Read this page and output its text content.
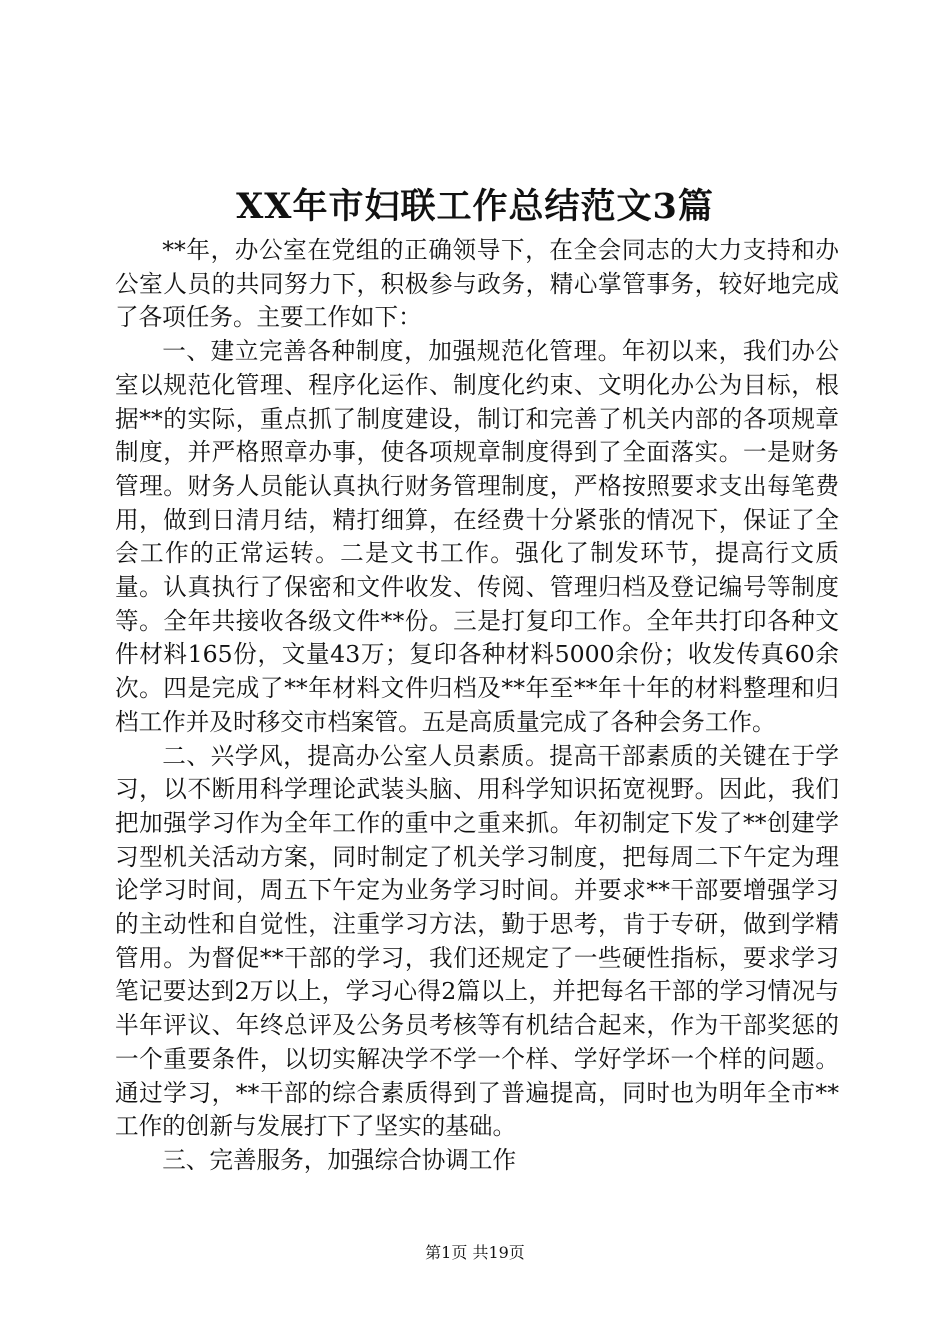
XX年市妇联工作总结范文3篇

**年，办公室在党组的正确领导下，在全会同志的大力支持和办公室人员的共同努力下，积极参与政务，精心掌管事务，较好地完成了各项任务。主要工作如下：

一、建立完善各种制度，加强规范化管理。年初以来，我们办公室以规范化管理、程序化运作、制度化约束、文明化办公为目标，根据**的实际，重点抓了制度建设，制订和完善了机关内部的各项规章制度，并严格照章办事，使各项规章制度得到了全面落实。一是财务管理。财务人员能认真执行财务管理制度，严格按照要求支出每笔费用，做到日清月结，精打细算，在经费十分紧张的情况下，保证了全会工作的正常运转。二是文书工作。强化了制发环节，提高行文质量。认真执行了保密和文件收发、传阅、管理归档及登记编号等制度等。全年共接收各级文件**份。三是打复印工作。全年共打印各种文件材料165份，文量43万；复印各种材料5000余份；收发传真60余次。四是完成了**年材料文件归档及**年至**年十年的材料整理和归档工作并及时移交市档案管。五是高质量完成了各种会务工作。

二、兴学风，提高办公室人员素质。提高干部素质的关键在于学习，以不断用科学理论武装头脑、用科学知识拓宽视野。因此，我们把加强学习作为全年工作的重中之重来抓。年初制定下发了**创建学习型机关活动方案，同时制定了机关学习制度，把每周二下午定为理论学习时间，周五下午定为业务学习时间。并要求**干部要增强学习的主动性和自觉性，注重学习方法，勤于思考，肯于专研，做到学精管用。为督促**干部的学习，我们还规定了一些硬性指标，要求学习笔记要达到2万以上，学习心得2篇以上，并把每名干部的学习情况与半年评议、年终总评及公务员考核等有机结合起来，作为干部奖惩的一个重要条件，以切实解决学不学一个样、学好学坏一个样的问题。通过学习，**干部的综合素质得到了普遍提高，同时也为明年全市**工作的创新与发展打下了坚实的基础。

三、完善服务，加强综合协调工作

第1页 共19页
